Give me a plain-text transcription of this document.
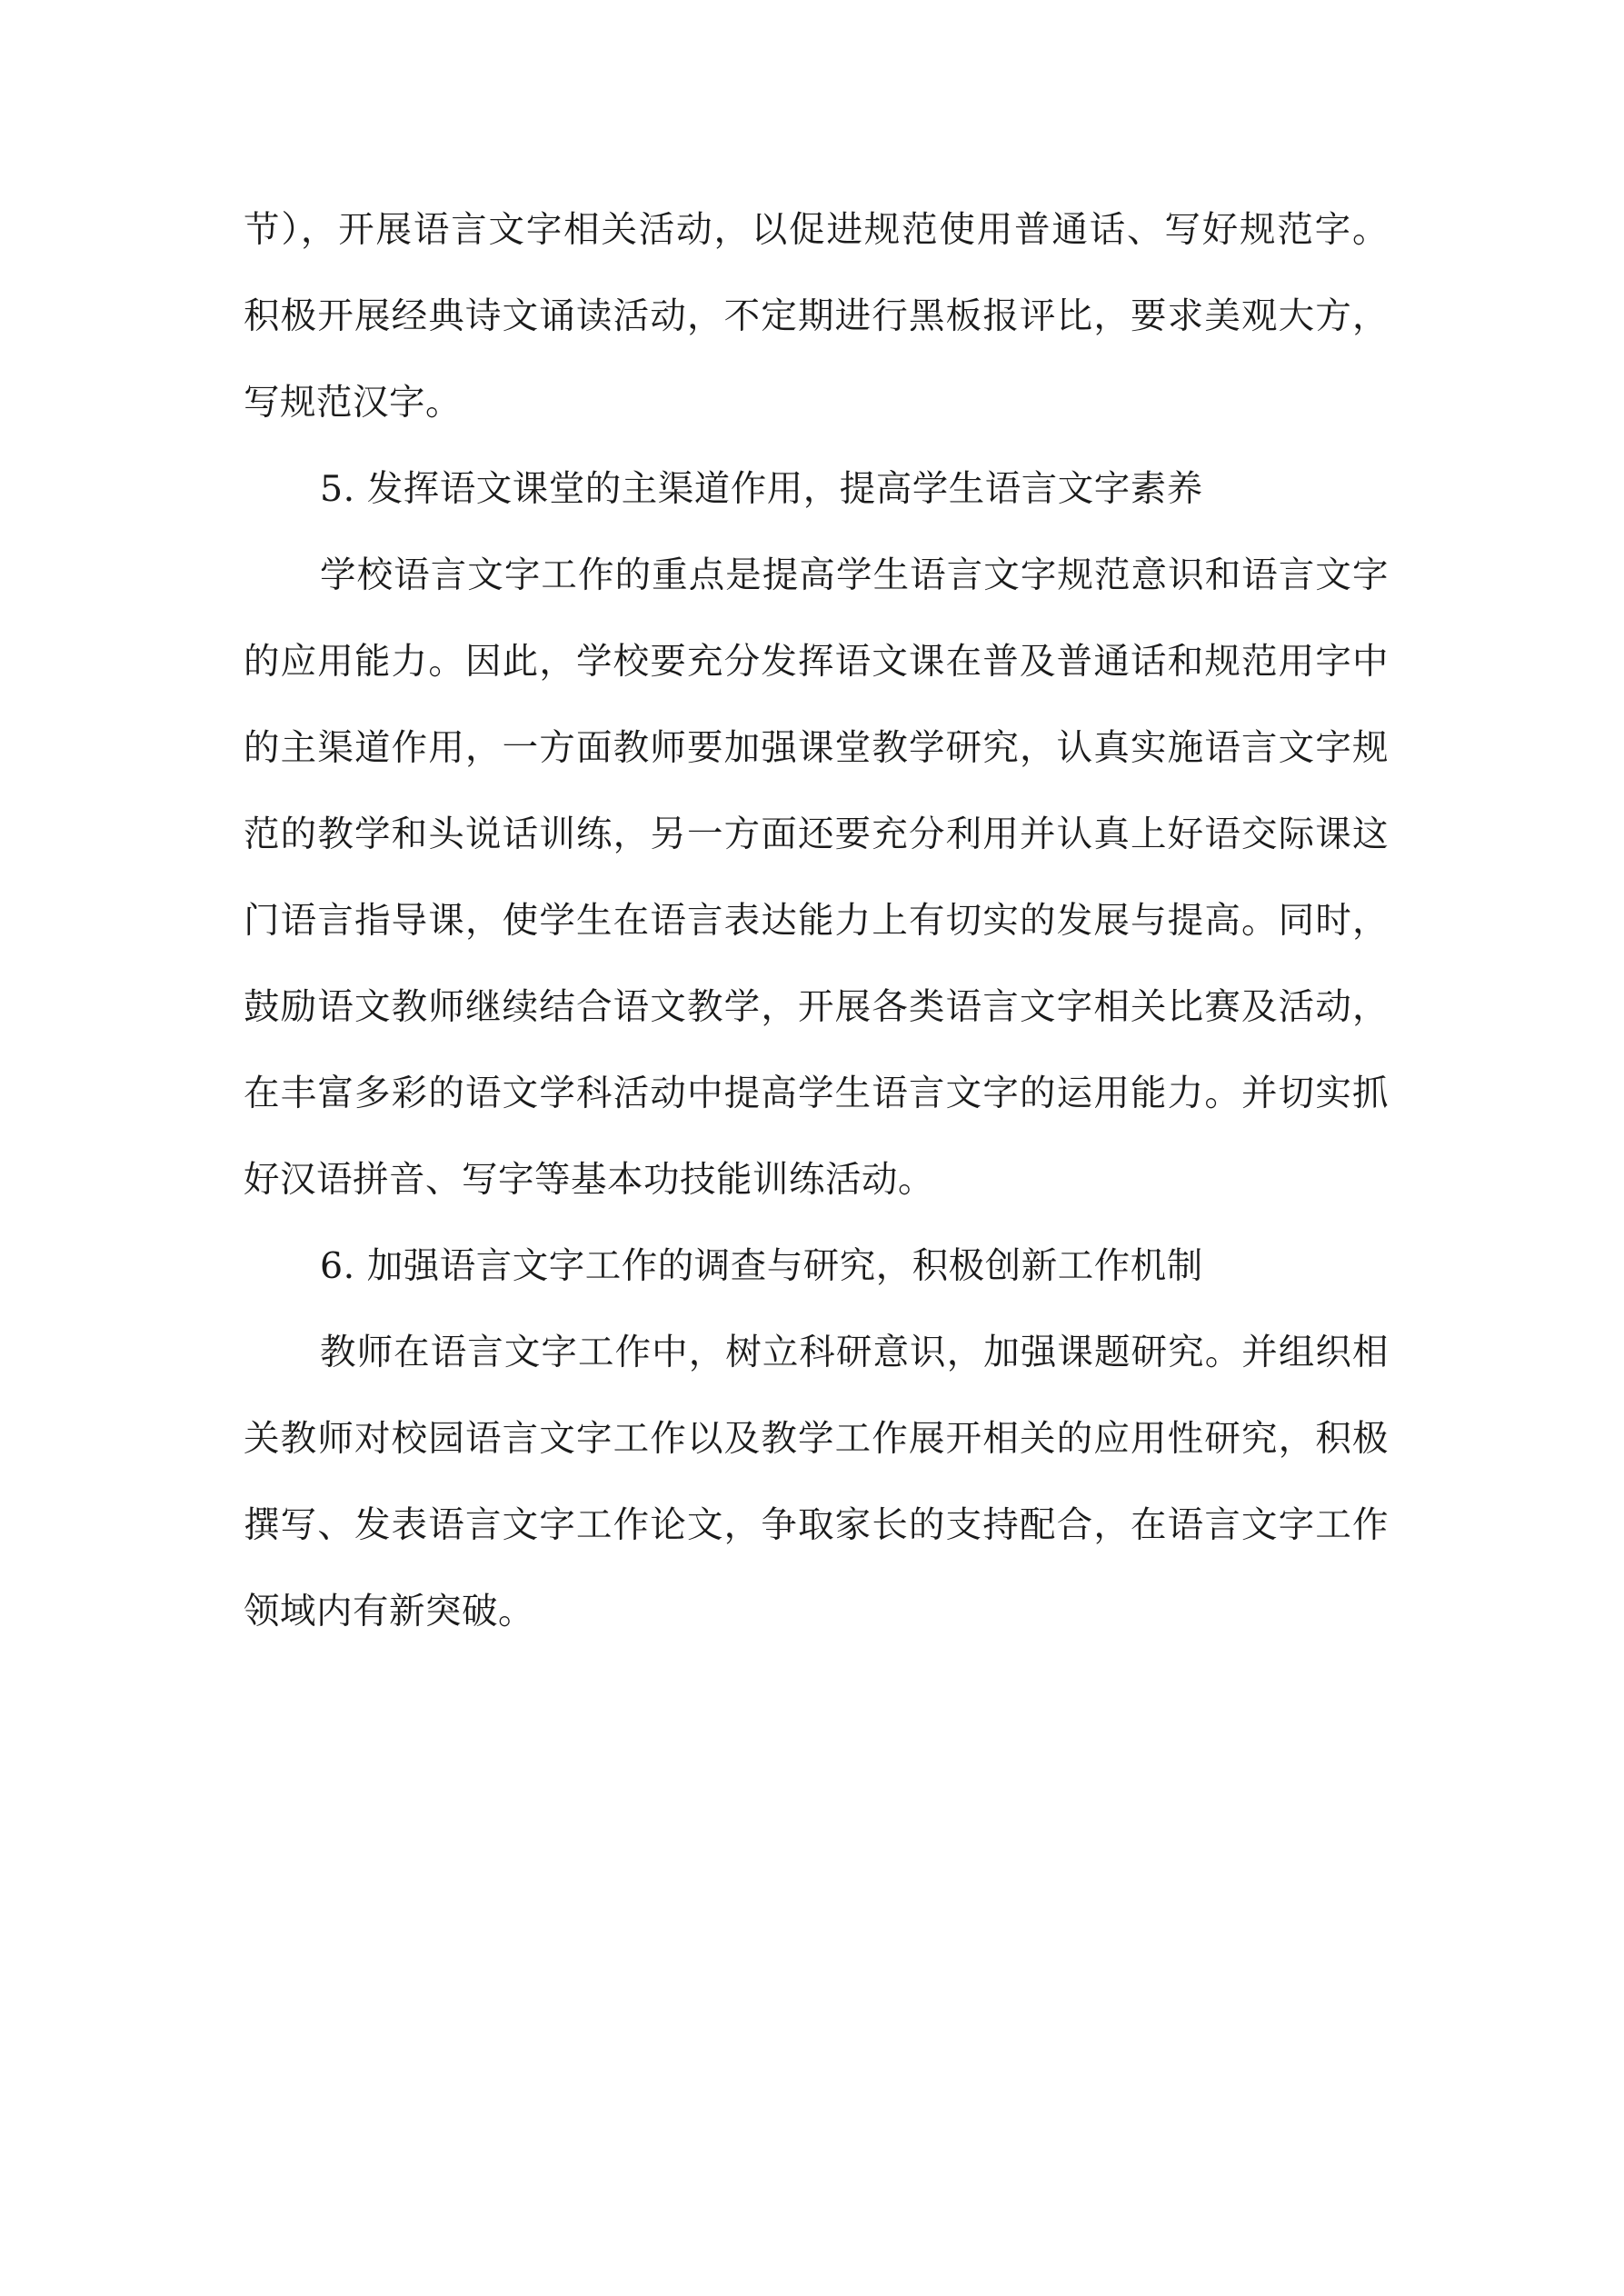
节），开展语言文字相关活动，以促进规范使用普通话、写好规范字。积极开展经典诗文诵读活动，不定期进行黑板报评比，要求美观大方，写规范汉字。

5. 发挥语文课堂的主渠道作用，提高学生语言文字素养

学校语言文字工作的重点是提高学生语言文字规范意识和语言文字的应用能力。因此，学校要充分发挥语文课在普及普通话和规范用字中的主渠道作用，一方面教师要加强课堂教学研究，认真实施语言文字规范的教学和头说话训练，另一方面还要充分利用并认真上好语交际课这门语言指导课，使学生在语言表达能力上有切实的发展与提高。同时，鼓励语文教师继续结合语文教学，开展各类语言文字相关比赛及活动，在丰富多彩的语文学科活动中提高学生语言文字的运用能力。并切实抓好汉语拼音、写字等基本功技能训练活动。

6. 加强语言文字工作的调查与研究，积极创新工作机制

教师在语言文字工作中，树立科研意识，加强课题研究。并组织相关教师对校园语言文字工作以及教学工作展开相关的应用性研究，积极撰写、发表语言文字工作论文，争取家长的支持配合，在语言文字工作领域内有新突破。
